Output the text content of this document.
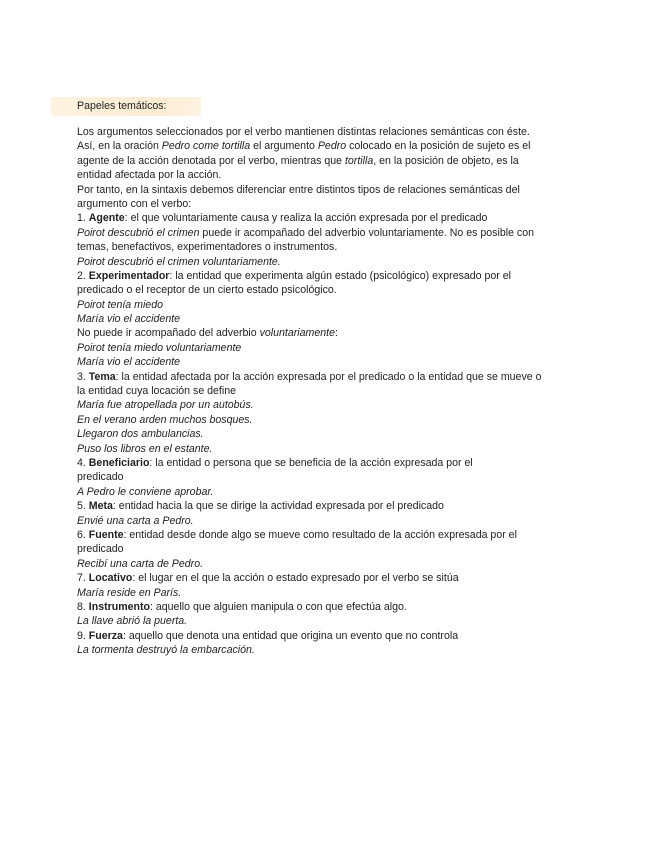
Papeles temáticos:
Los argumentos seleccionados por el verbo mantienen distintas relaciones semánticas con éste.
Así, en la oración Pedro come tortilla el argumento Pedro colocado en la posición de sujeto es el
agente de la acción denotada por el verbo, mientras que tortilla, en la posición de objeto, es la
entidad afectada por la acción.
Por tanto, en la sintaxis debemos diferenciar entre distintos tipos de relaciones semánticas del
argumento con el verbo:
1. Agente: el que voluntariamente causa y realiza la acción expresada por el predicado
Poirot descubrió el crimen puede ir acompañado del adverbio voluntariamente. No es posible con
temas, benefactivos, experimentadores o instrumentos.
Poirot descubrió el crimen voluntariamente.
2. Experimentador: la entidad que experimenta algún estado (psicológico) expresado por el
predicado o el receptor de un cierto estado psicológico.
Poirot tenía miedo
María vio el accidente
No puede ir acompañado del adverbio voluntariamente:
Poirot tenía miedo voluntariamente
María vio el accidente
3. Tema: la entidad afectada por la acción expresada por el predicado o la entidad que se mueve o
la entidad cuya locación se define
María fue atropellada por un autobús.
En el verano arden muchos bosques.
Llegaron dos ambulancias.
Puso los libros en el estante.
4. Beneficiario: la entidad o persona que se beneficia de la acción expresada por el
predicado
A Pedro le conviene aprobar.
5. Meta: entidad hacia la que se dirige la actividad expresada por el predicado
Envié una carta a Pedro.
6. Fuente: entidad desde donde algo se mueve como resultado de la acción expresada por el
predicado
Recibí una carta de Pedro.
7. Locativo: el lugar en el que la acción o estado expresado por el verbo se sitúa
María reside en París.
8. Instrumento: aquello que alguien manipula o con que efectúa algo.
La llave abrió la puerta.
9. Fuerza: aquello que denota una entidad que origina un evento que no controla
La tormenta destruyó la embarcación.
